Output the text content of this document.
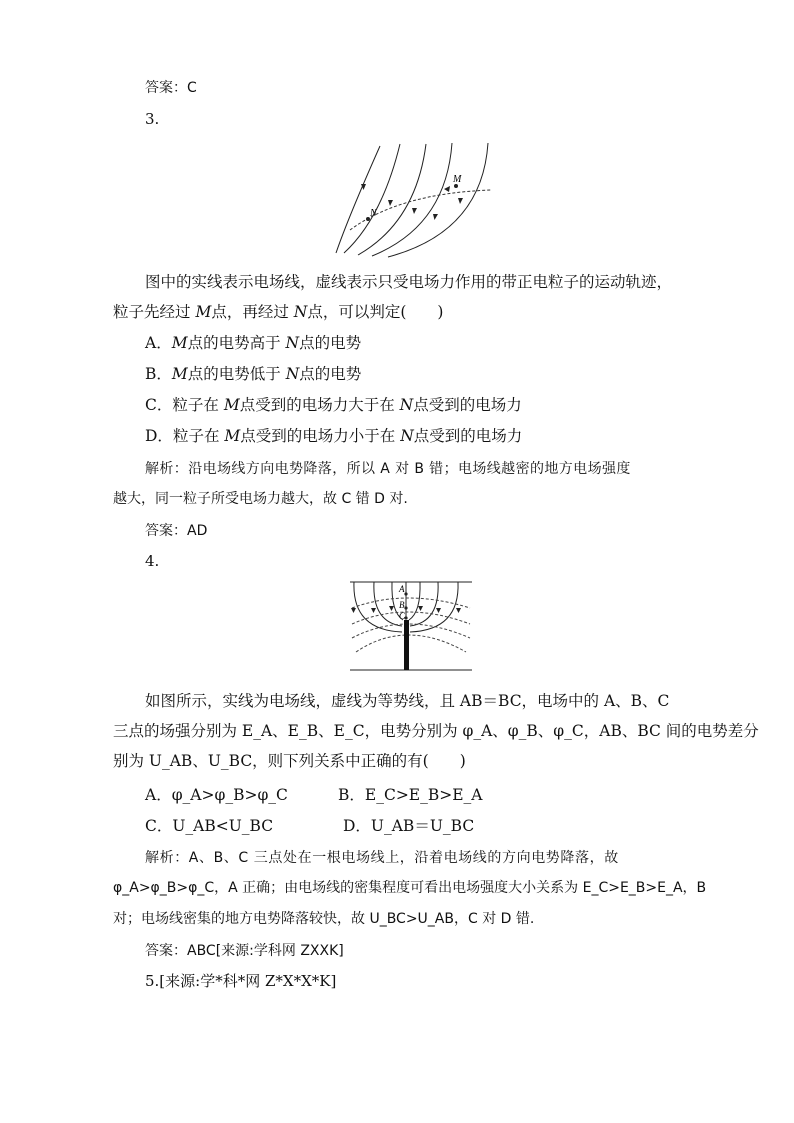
答案：C
3.
M
N
图中的实线表示电场线，虚线表示只受电场力作用的带正电粒子的运动轨迹，
粒子先经过 M点，再经过 N点，可以判定(　　)
A．M点的电势高于 N点的电势
B．M点的电势低于 N点的电势
C．粒子在 M点受到的电场力大于在 N点受到的电场力
D．粒子在 M点受到的电场力小于在 N点受到的电场力
解析：沿电场线方向电势降落，所以 A 对 B 错；电场线越密的地方电场强度
越大，同一粒子所受电场力越大，故 C 错 D 对.
答案：AD
4.
A
B
C
如图所示，实线为电场线，虚线为等势线，且 AB＝BC，电场中的 A、B、C
三点的场强分别为 E_A、E_B、E_C，电势分别为 φ_A、φ_B、φ_C，AB、BC 间的电势差分
别为 U_AB、U_BC，则下列关系中正确的有(　　)
A．φ_A>φ_B>φ_C	B．E_C>E_B>E_A
C．U_AB<U_BC	D．U_AB＝U_BC
解析：A、B、C 三点处在一根电场线上，沿着电场线的方向电势降落，故
φ_A>φ_B>φ_C，A 正确；由电场线的密集程度可看出电场强度大小关系为 E_C>E_B>E_A，B
对；电场线密集的地方电势降落较快，故 U_BC>U_AB，C 对 D 错.
答案：ABC[来源:学科网 ZXXK]
5.[来源:学*科*网 Z*X*X*K]
